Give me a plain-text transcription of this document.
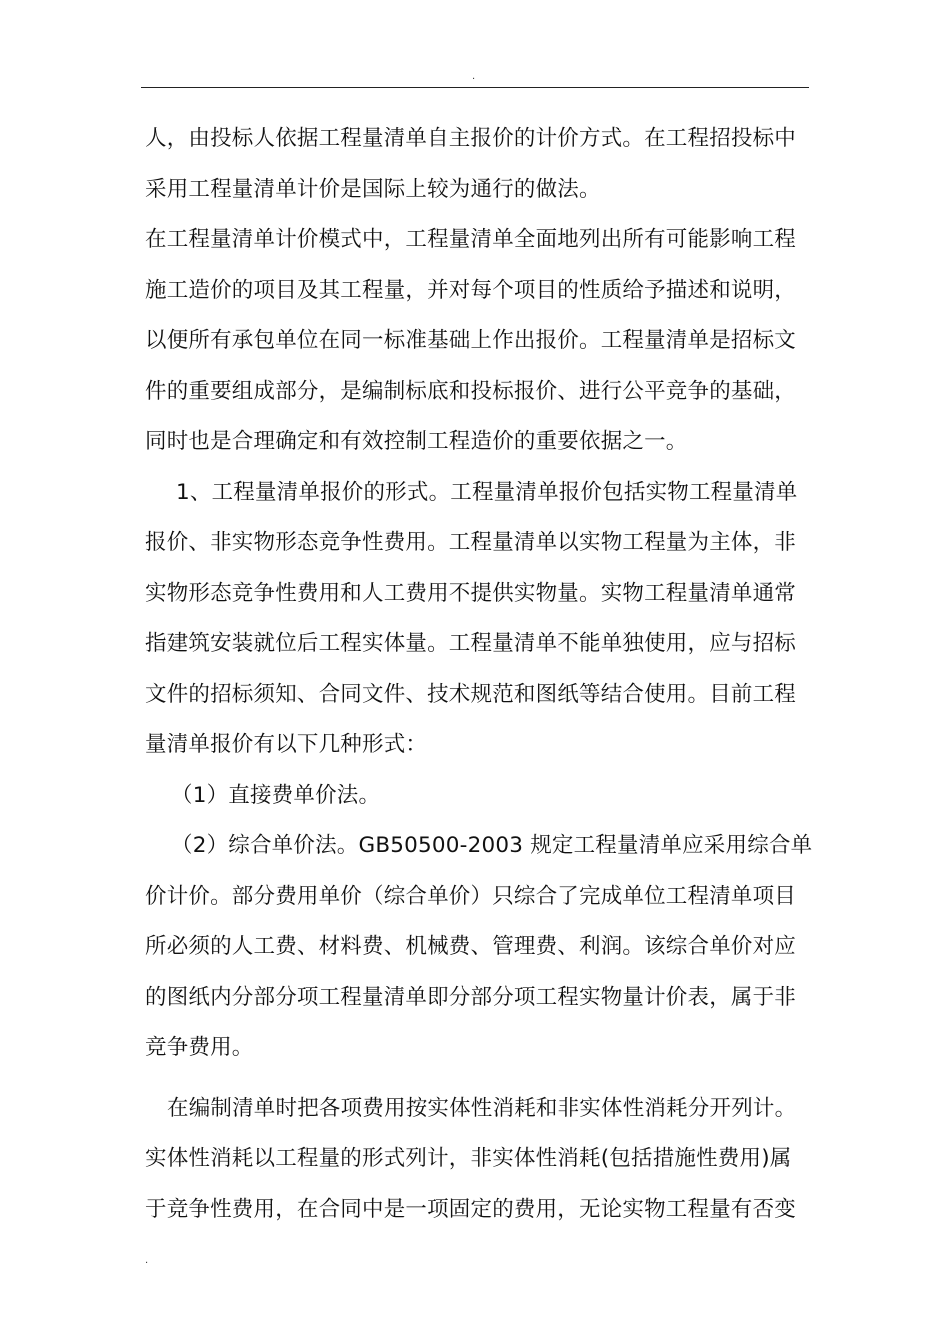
.
人，由投标人依据工程量清单自主报价的计价方式。在工程招投标中
采用工程量清单计价是国际上较为通行的做法。
在工程量清单计价模式中，工程量清单全面地列出所有可能影响工程
施工造价的项目及其工程量，并对每个项目的性质给予描述和说明，
以便所有承包单位在同一标准基础上作出报价。工程量清单是招标文
件的重要组成部分，是编制标底和投标报价、进行公平竞争的基础，
同时也是合理确定和有效控制工程造价的重要依据之一。
1、工程量清单报价的形式。工程量清单报价包括实物工程量清单
报价、非实物形态竞争性费用。工程量清单以实物工程量为主体，非
实物形态竞争性费用和人工费用不提供实物量。实物工程量清单通常
指建筑安装就位后工程实体量。工程量清单不能单独使用，应与招标
文件的招标须知、合同文件、技术规范和图纸等结合使用。目前工程
量清单报价有以下几种形式：
（1）直接费单价法。
（2）综合单价法。GB50500-2003 规定工程量清单应采用综合单
价计价。部分费用单价（综合单价）只综合了完成单位工程清单项目
所必须的人工费、材料费、机械费、管理费、利润。该综合单价对应
的图纸内分部分项工程量清单即分部分项工程实物量计价表，属于非
竞争费用。
在编制清单时把各项费用按实体性消耗和非实体性消耗分开列计。
实体性消耗以工程量的形式列计，非实体性消耗(包括措施性费用)属
于竞争性费用，在合同中是一项固定的费用，无论实物工程量有否变
.
